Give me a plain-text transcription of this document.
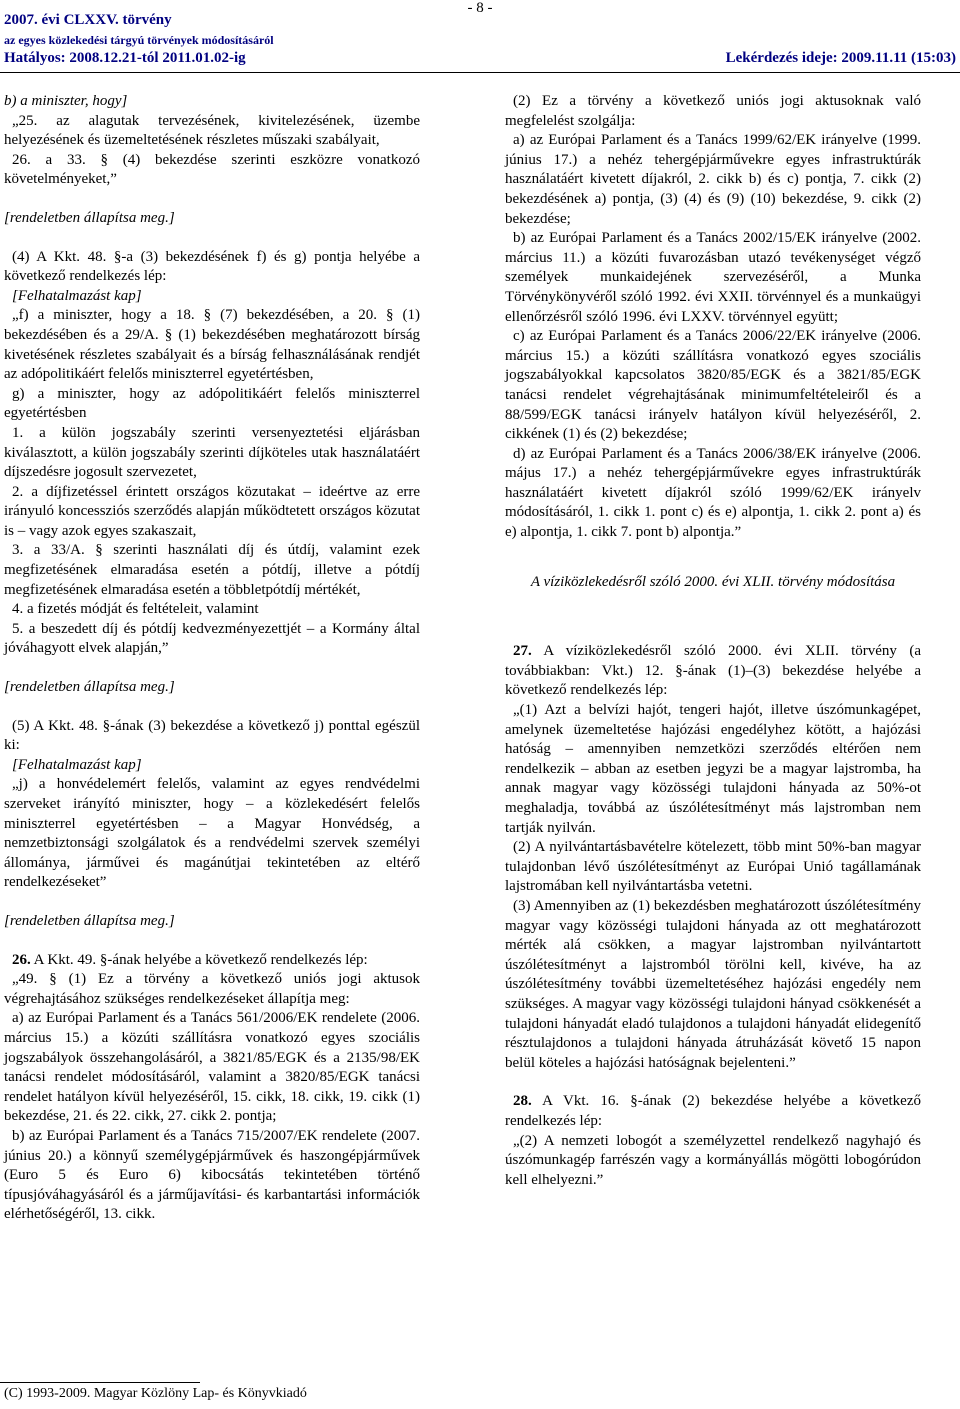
- 8 -
2007. évi CLXXV. törvény
az egyes közlekedési tárgyú törvények módosításáról
Hatályos: 2008.12.21-tól 2011.01.02-ig	Lekérdezés ideje: 2009.11.11 (15:03)

b) a miniszter, hogy]

„25. az alagutak tervezésének, kivitelezésének, üzembe helyezésének és üzemeltetésének részletes műszaki szabályait,

26. a 33. § (4) bekezdése szerinti eszközre vonatkozó követelményeket,”

[rendeletben állapítsa meg.]

(4) A Kkt. 48. §-a (3) bekezdésének f) és g) pontja helyébe a következő rendelkezés lép:

[Felhatalmazást kap]

„f) a miniszter, hogy a 18. § (7) bekezdésében, a 20. § (1) bekezdésében és a 29/A. § (1) bekezdésében meghatározott bírság kivetésének részletes szabályait és a bírság felhasználásának rendjét az adópolitikáért felelős miniszterrel egyetértésben,

g) a miniszter, hogy az adópolitikáért felelős miniszterrel egyetértésben

1. a külön jogszabály szerinti versenyeztetési eljárásban kiválasztott, a külön jogszabály szerinti díjköteles utak használatáért díjszedésre jogosult szervezetet,

2. a díjfizetéssel érintett országos közutakat – ideértve az erre irányuló koncessziós szerződés alapján működtetett országos közutat is – vagy azok egyes szakaszait,

3. a 33/A. § szerinti használati díj és útdíj, valamint ezek megfizetésének elmaradása esetén a pótdíj, illetve a pótdíj megfizetésének elmaradása esetén a többletpótdíj mértékét,

4. a fizetés módját és feltételeit, valamint

5. a beszedett díj és pótdíj kedvezményezettjét – a Kormány által jóváhagyott elvek alapján,”

[rendeletben állapítsa meg.]

(5) A Kkt. 48. §-ának (3) bekezdése a következő j) ponttal egészül ki:

[Felhatalmazást kap]

„j) a honvédelemért felelős, valamint az egyes rendvédelmi szerveket irányító miniszter, hogy – a közlekedésért felelős miniszterrel egyetértésben – a Magyar Honvédség, a nemzetbiztonsági szolgálatok és a rendvédelmi szervek személyi állománya, járművei és magánútjai tekintetében az eltérő rendelkezéseket”

[rendeletben állapítsa meg.]

26. A Kkt. 49. §-ának helyébe a következő rendelkezés lép:

„49. § (1) Ez a törvény a következő uniós jogi aktusok végrehajtásához szükséges rendelkezéseket állapítja meg:

a) az Európai Parlament és a Tanács 561/2006/EK rendelete (2006. március 15.) a közúti szállításra vonatkozó egyes szociális jogszabályok összehangolásáról, a 3821/85/EGK és a 2135/98/EK tanácsi rendelet módosításáról, valamint a 3820/85/EGK tanácsi rendelet hatályon kívül helyezéséről, 15. cikk, 18. cikk, 19. cikk (1) bekezdése, 21. és 22. cikk, 27. cikk 2. pontja;

b) az Európai Parlament és a Tanács 715/2007/EK rendelete (2007. június 20.) a könnyű személygépjárművek és haszongépjárművek (Euro 5 és Euro 6) kibocsátás tekintetében történő típusjóváhagyásáról és a járműjavítási- és karbantartási információk elérhetőségéről, 13. cikk.

(2) Ez a törvény a következő uniós jogi aktusoknak való megfelelést szolgálja:

a) az Európai Parlament és a Tanács 1999/62/EK irányelve (1999. június 17.) a nehéz tehergépjárművekre egyes infrastruktúrák használatáért kivetett díjakról, 2. cikk b) és c) pontja, 7. cikk (2) bekezdésének a) pontja, (3) (4) és (9) (10) bekezdése, 9. cikk (2) bekezdése;

b) az Európai Parlament és a Tanács 2002/15/EK irányelve (2002. március 11.) a közúti fuvarozásban utazó tevékenységet végző személyek munkaidejének szervezéséről, a Munka Törvénykönyvéről szóló 1992. évi XXII. törvénnyel és a munkaügyi ellenőrzésről szóló 1996. évi LXXV. törvénnyel együtt;

c) az Európai Parlament és a Tanács 2006/22/EK irányelve (2006. március 15.) a közúti szállításra vonatkozó egyes szociális jogszabályokkal kapcsolatos 3820/85/EGK és a 3821/85/EGK tanácsi rendelet végrehajtásának minimumfeltételeiről és a 88/599/EGK tanácsi irányelv hatályon kívül helyezéséről, 2. cikkének (1) és (2) bekezdése;

d) az Európai Parlament és a Tanács 2006/38/EK irányelve (2006. május 17.) a nehéz tehergépjárművekre egyes infrastruktúrák használatáért kivetett díjakról szóló 1999/62/EK irányelv módosításáról, 1. cikk 1. pont c) és e) alpontja, 1. cikk 2. pont a) és e) alpontja, 1. cikk 7. pont b) alpontja.”

A víziközlekedésről szóló 2000. évi XLII. törvény módosítása

27. A víziközlekedésről szóló 2000. évi XLII. törvény (a továbbiakban: Vkt.) 12. §-ának (1)–(3) bekezdése helyébe a következő rendelkezés lép:

„(1) Azt a belvízi hajót, tengeri hajót, illetve úszómunkagépet, amelynek üzemeltetése hajózási engedélyhez kötött, a hajózási hatóság – amennyiben nemzetközi szerződés eltérően nem rendelkezik – abban az esetben jegyzi be a magyar lajstromba, ha annak magyar vagy közösségi tulajdoni hányada az 50%-ot meghaladja, továbbá az úszólétesítményt más lajstromban nem tartják nyilván.

(2) A nyilvántartásbavételre kötelezett, több mint 50%-ban magyar tulajdonban lévő úszólétesítményt az Európai Unió tagállamának lajstromában kell nyilvántartásba vetetni.

(3) Amennyiben az (1) bekezdésben meghatározott úszólétesítmény magyar vagy közösségi tulajdoni hányada az ott meghatározott mérték alá csökken, a magyar lajstromban nyilvántartott úszólétesítményt a lajstromból törölni kell, kivéve, ha az úszólétesítmény további üzemeltetéséhez hajózási engedély nem szükséges. A magyar vagy közösségi tulajdoni hányad csökkenését a tulajdoni hányadát eladó tulajdonos a tulajdoni hányadát elidegenítő résztulajdonos a tulajdoni hányada átruházását követő 15 napon belül köteles a hajózási hatóságnak bejelenteni.”

28. A Vkt. 16. §-ának (2) bekezdése helyébe a következő rendelkezés lép:

„(2) A nemzeti lobogót a személyzettel rendelkező nagyhajó és úszómunkagép farrészén vagy a kormányállás mögötti lobogórúdon kell elhelyezni.”

(C) 1993-2009. Magyar Közlöny Lap- és Könyvkiadó
